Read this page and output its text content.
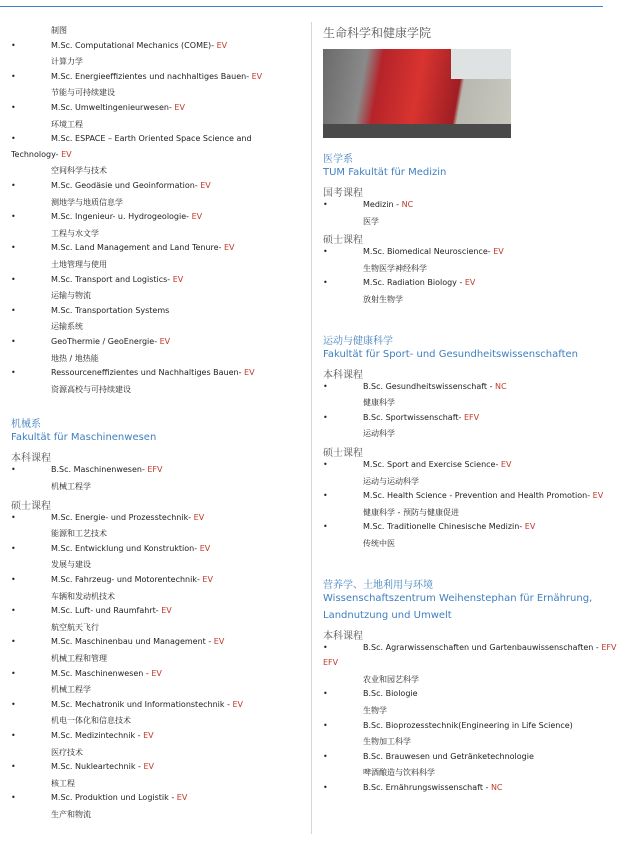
制图
•	M.Sc. Computational Mechanics (COME)- EV
计算力学
•	M.Sc. Energieeffizientes und nachhaltiges Bauen- EV
节能与可持续建设
•	M.Sc. Umweltingenieurwesen- EV
环境工程
•	M.Sc. ESPACE – Earth Oriented Space Science and
Technology- EV
空间科学与技术
•	M.Sc. Geodäsie und Geoinformation- EV
测地学与地质信息学
•	M.Sc. Ingenieur- u. Hydrogeologie- EV
工程与水文学
•	M.Sc. Land Management and Land Tenure- EV
土地管理与使用
•	M.Sc. Transport and Logistics- EV
运输与物流
•	M.Sc. Transportation Systems
运输系统
•	GeoThermie / GeoEnergie- EV
地热 / 地热能
•	Ressourceneffizientes und Nachhaltiges Bauen- EV
资源高校与可持续建设
机械系
Fakultät für Maschinenwesen
本科课程
•	B.Sc. Maschinenwesen- EFV
机械工程学
硕士课程
•	M.Sc. Energie- und Prozesstechnik- EV
能源和工艺技术
•	M.Sc. Entwicklung und Konstruktion- EV
发展与建设
•	M.Sc. Fahrzeug- und Motorentechnik- EV
车辆和发动机技术
•	M.Sc. Luft- und Raumfahrt- EV
航空航天飞行
•	M.Sc. Maschinenbau und Management - EV
机械工程和管理
•	M.Sc. Maschinenwesen - EV
机械工程学
•	M.Sc. Mechatronik und Informationstechnik - EV
机电一体化和信息技术
•	M.Sc. Medizintechnik - EV
医疗技术
•	M.Sc. Nukleartechnik - EV
核工程
•	M.Sc. Produktion und Logistik - EV
生产和物流
生命科学和健康学院
医学系
TUM Fakultät für Medizin
国考课程
•	Medizin - NC
医学
硕士课程
•	M.Sc. Biomedical Neuroscience- EV
生物医学神经科学
•	M.Sc. Radiation Biology - EV
放射生物学
运动与健康科学
Fakultät für Sport- und Gesundheitswissenschaften
本科课程
•	B.Sc. Gesundheitswissenschaft - NC
健康科学
•	B.Sc. Sportwissenschaft- EFV
运动科学
硕士课程
•	M.Sc. Sport and Exercise Science- EV
运动与运动科学
•	M.Sc. Health Science - Prevention and Health Promotion- EV
健康科学 - 预防与健康促进
•	M.Sc. Traditionelle Chinesische Medizin- EV
传统中医
营养学、土地利用与环境
Wissenschaftszentrum Weihenstephan für Ernährung,
Landnutzung und Umwelt
本科课程
•	B.Sc. Agrarwissenschaften und Gartenbauwissenschaften - EFV
EFV
农业和园艺科学
•	B.Sc. Biologie
生物学
•	B.Sc. Bioprozesstechnik(Engineering in Life Science)
生物加工科学
•	B.Sc. Brauwesen und Getränketechnologie
啤酒酿造与饮料科学
•	B.Sc. Ernährungswissenschaft - NC
